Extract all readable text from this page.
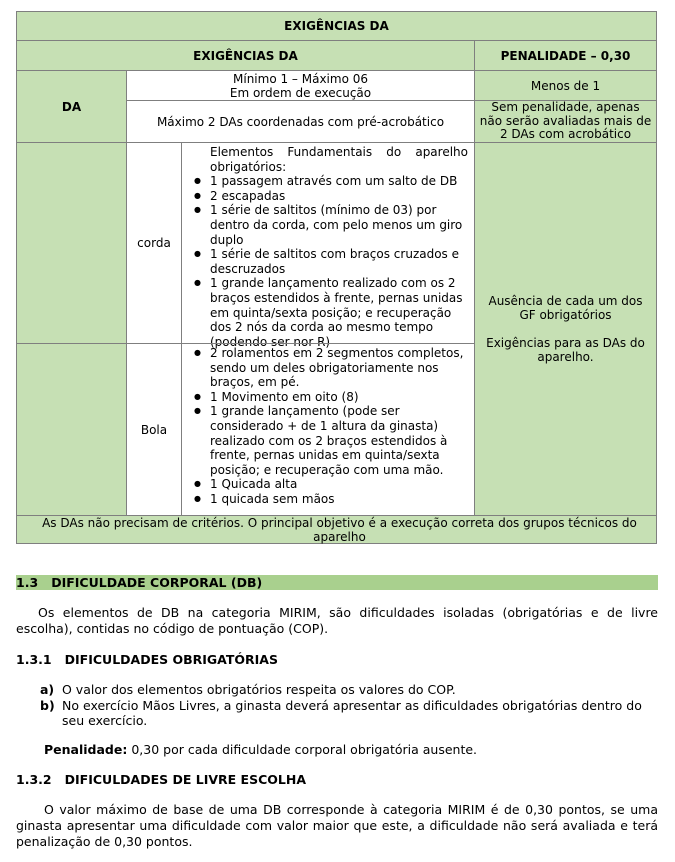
EXIGÊNCIAS DA
EXIGÊNCIAS DA	PENALIDADE – 0,30
DA
Mínimo 1 – Máximo 06
Em ordem de execução	Menos de 1
Máximo 2 DAs coordenadas com pré-acrobático
Sem penalidade, apenas não serão avaliadas mais de 2 DAs com acrobático
corda
Elementos Fundamentais do aparelho
obrigatórios:
● 1 passagem através com um salto de DB
● 2 escapadas
● 1 série de saltitos (mínimo de 03) por dentro da corda, com pelo menos um giro duplo
● 1 série de saltitos com braços cruzados e descruzados
● 1 grande lançamento realizado com os 2 braços estendidos à frente, pernas unidas em quinta/sexta posição; e recuperação dos 2 nós da corda ao mesmo tempo (podendo ser nor R)
Bola
● 2 rolamentos em 2 segmentos completos, sendo um deles obrigatoriamente nos braços, em pé.
● 1 Movimento em oito (8)
● 1 grande lançamento (pode ser considerado + de 1 altura da ginasta) realizado com os 2 braços estendidos à frente, pernas unidas em quinta/sexta posição; e recuperação com uma mão.
● 1 Quicada alta
● 1 quicada sem mãos
Ausência de cada um dos GF obrigatórios
Exigências para as DAs do aparelho.
As DAs não precisam de critérios. O principal objetivo é a execução correta dos grupos técnicos do aparelho
1.3 DIFICULDADE CORPORAL (DB)
Os elementos de DB na categoria MIRIM, são dificuldades isoladas (obrigatórias e de livre escolha), contidas no código de pontuação (COP).
1.3.1 DIFICULDADES OBRIGATÓRIAS
a) O valor dos elementos obrigatórios respeita os valores do COP.
b) No exercício Mãos Livres, a ginasta deverá apresentar as dificuldades obrigatórias dentro do seu exercício.
Penalidade: 0,30 por cada dificuldade corporal obrigatória ausente.
1.3.2 DIFICULDADES DE LIVRE ESCOLHA
O valor máximo de base de uma DB corresponde à categoria MIRIM é de 0,30 pontos, se uma ginasta apresentar uma dificuldade com valor maior que este, a dificuldade não será avaliada e terá penalização de 0,30 pontos.
